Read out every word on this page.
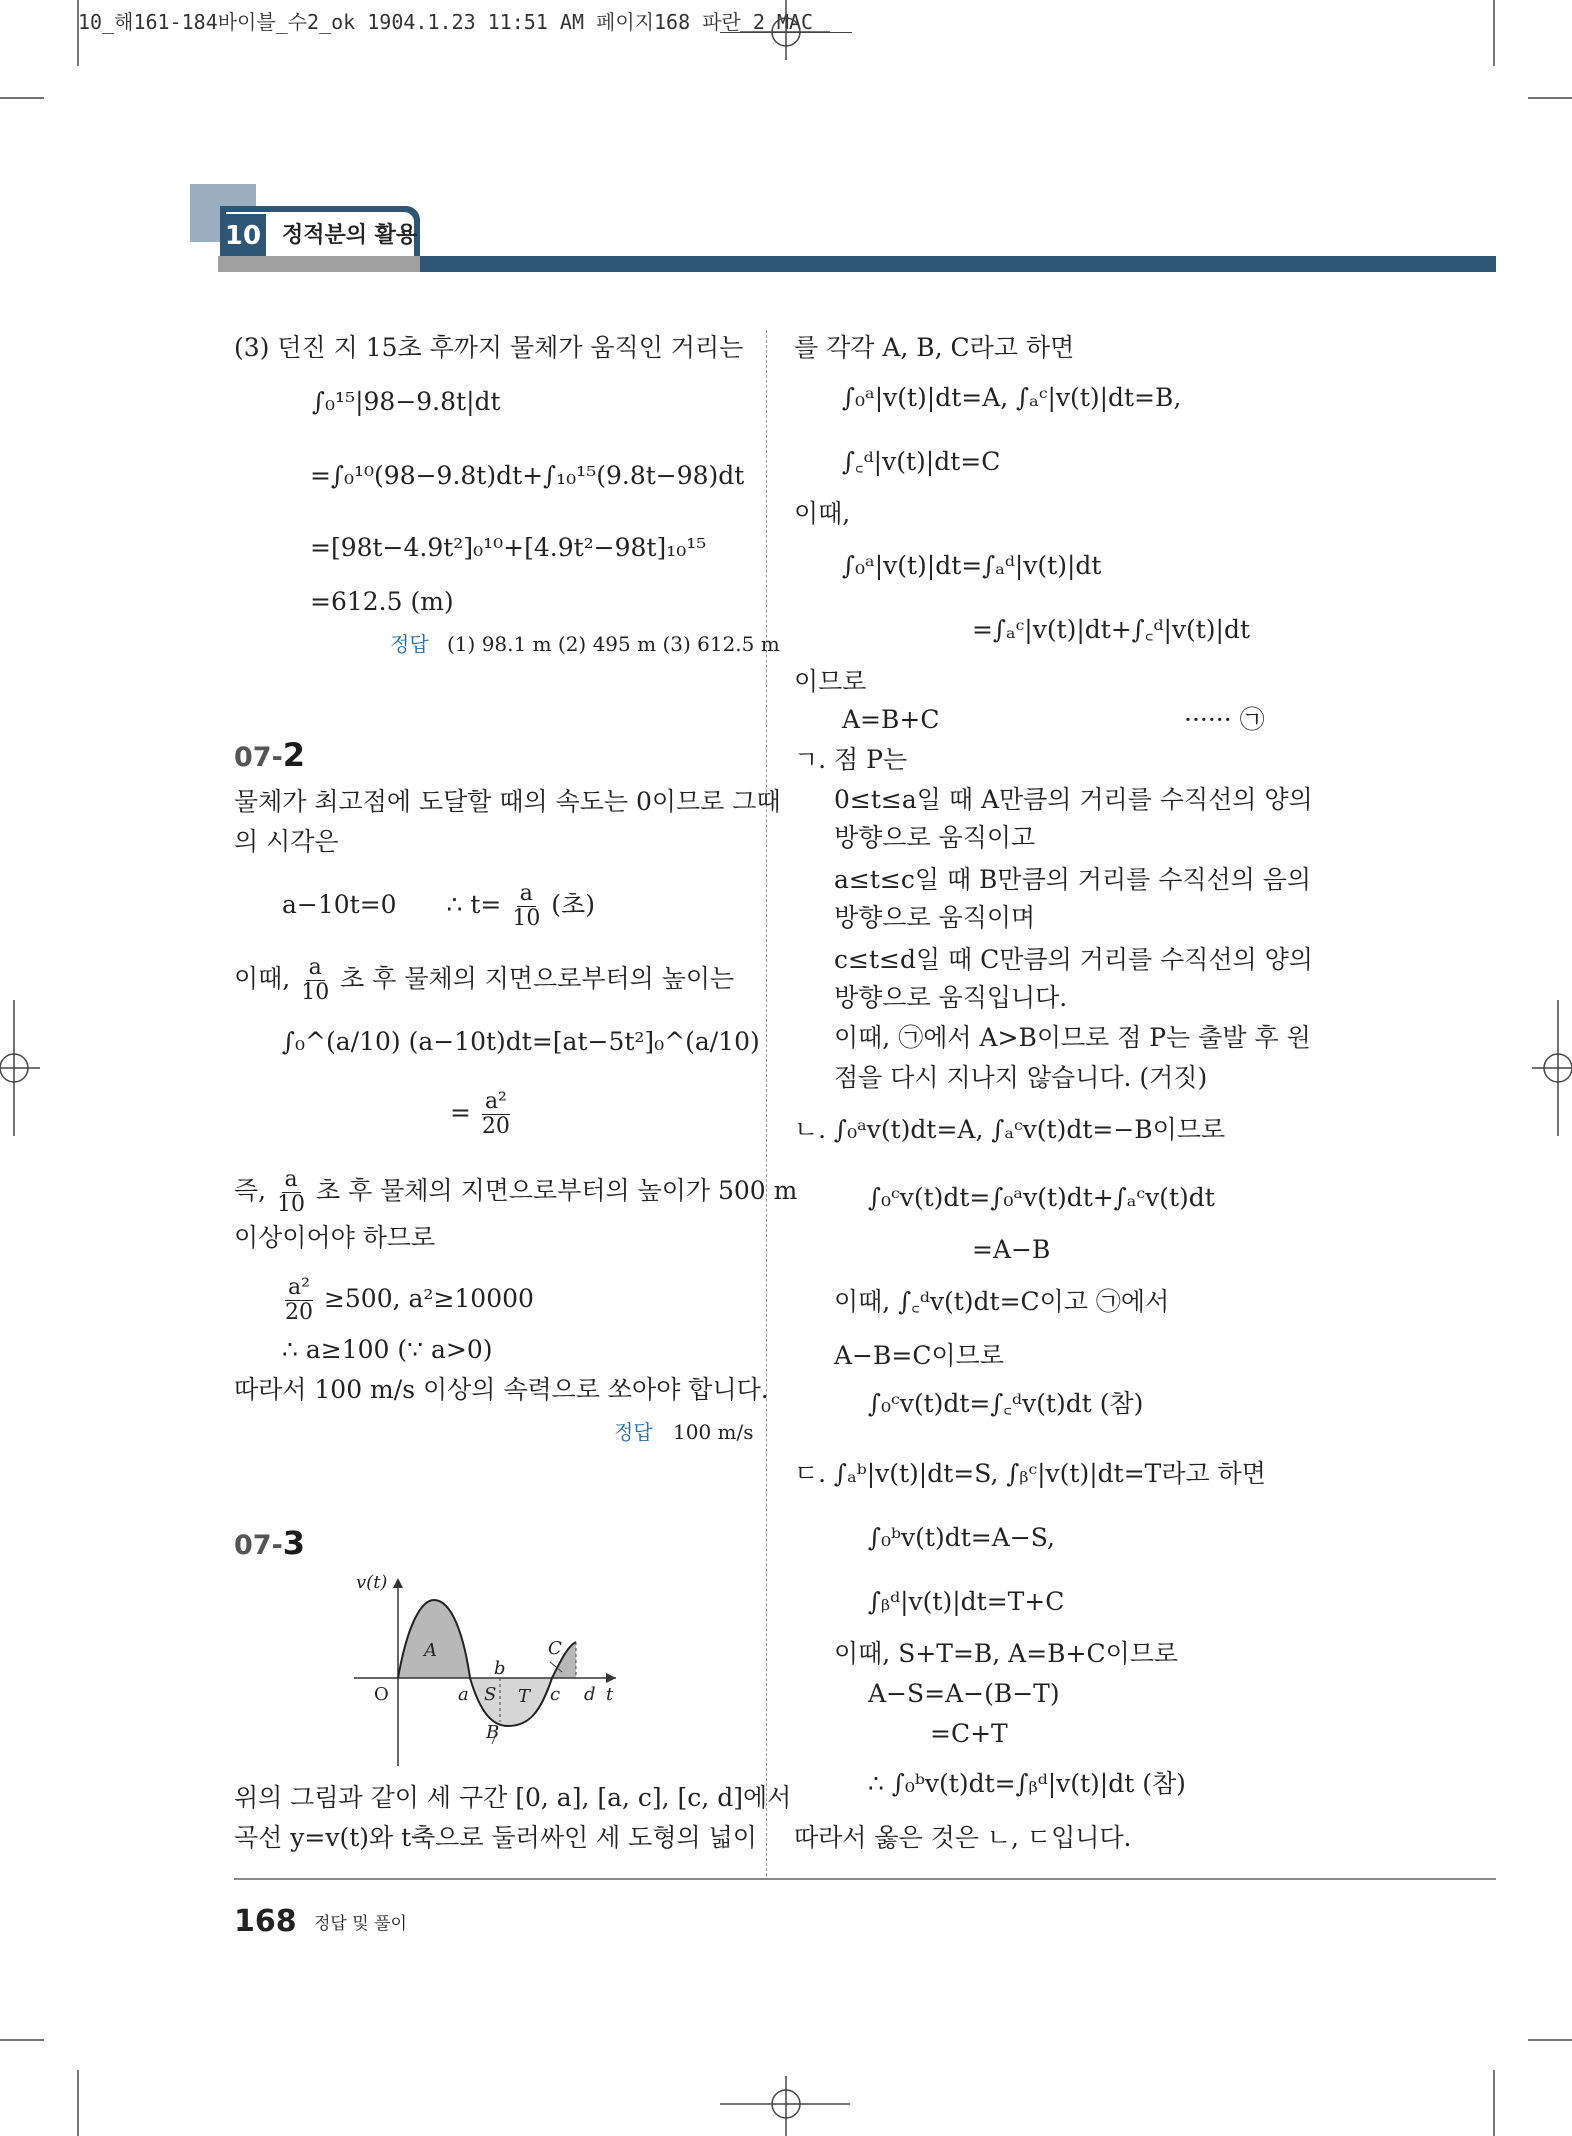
10_해161-184바이블_수2_ok 1904.1.23 11:51 AM 페이지168 파란 2 MAC
10 정적분의 활용
(3) 던진 지 15초 후까지 물체가 움직인 거리는
∫₀¹⁵|98−9.8t|dt
=∫₀¹⁰(98−9.8t)dt+∫₁₀¹⁵(9.8t−98)dt
=[98t−4.9t²]₀¹⁰+[4.9t²−98t]₁₀¹⁵
=612.5 (m)
정답 (1) 98.1 m (2) 495 m (3) 612.5 m
07-2
물체가 최고점에 도달할 때의 속도는 0이므로 그때
의 시각은
a−10t=0 ∴ $t= \frac{a}{10}$ (초)
이때, $\frac{a}{10}$ 초 후 물체의 지면으로부터의 높이는
∫₀^(a/10) (a−10t)dt=[at−5t²]₀^(a/10)
= $\frac{\text{a²}}{20}$
즉, $\frac{a}{10}$ 초 후 물체의 지면으로부터의 높이가 500 m
이상이어야 하므로
$\frac{\text{a²}}{20} \ge 500$, a²≥10000
∴ a≥100 (∵ a>0)
따라서 100 m/s 이상의 속력으로 쏘아야 합니다.
정답 100 m/s
07-3
v(t)
O
A
a
b
S T c
C
d t
B
위의 그림과 같이 세 구간 [0, a], [a, c], [c, d]에서
곡선 y=v(t)와 t축으로 둘러싸인 세 도형의 넓이
를 각각 A, B, C라고 하면
∫₀ᵃ|v(t)|dt=A, ∫ₐᶜ|v(t)|dt=B,
∫꜀ᵈ|v(t)|dt=C
이때,
∫₀ᵃ|v(t)|dt=∫ₐᵈ|v(t)|dt
=∫ₐᶜ|v(t)|dt+∫꜀ᵈ|v(t)|dt
이므로
A=B+C	······ ㉠
ㄱ. 점 P는
0≤t≤a일 때 A만큼의 거리를 수직선의 양의
방향으로 움직이고
a≤t≤c일 때 B만큼의 거리를 수직선의 음의
방향으로 움직이며
c≤t≤d일 때 C만큼의 거리를 수직선의 양의
방향으로 움직입니다.
이때, ㉠에서 A>B이므로 점 P는 출발 후 원
점을 다시 지나지 않습니다. (거짓)
ㄴ. ∫₀ᵃv(t)dt=A, ∫ₐᶜv(t)dt=−B이므로
∫₀ᶜv(t)dt=∫₀ᵃv(t)dt+∫ₐᶜv(t)dt
=A−B
이때, ∫꜀ᵈv(t)dt=C이고 ㉠에서
A−B=C이므로
∫₀ᶜv(t)dt=∫꜀ᵈv(t)dt (참)
ㄷ. ∫ₐᵇ|v(t)|dt=S, ∫ᵦᶜ|v(t)|dt=T라고 하면
∫₀ᵇv(t)dt=A−S,
∫ᵦᵈ|v(t)|dt=T+C
이때, S+T=B, A=B+C이므로
A−S=A−(B−T)
=C+T
∴ ∫₀ᵇv(t)dt=∫ᵦᵈ|v(t)|dt (참)
따라서 옳은 것은 ㄴ, ㄷ입니다.
168 정답 및 풀이
